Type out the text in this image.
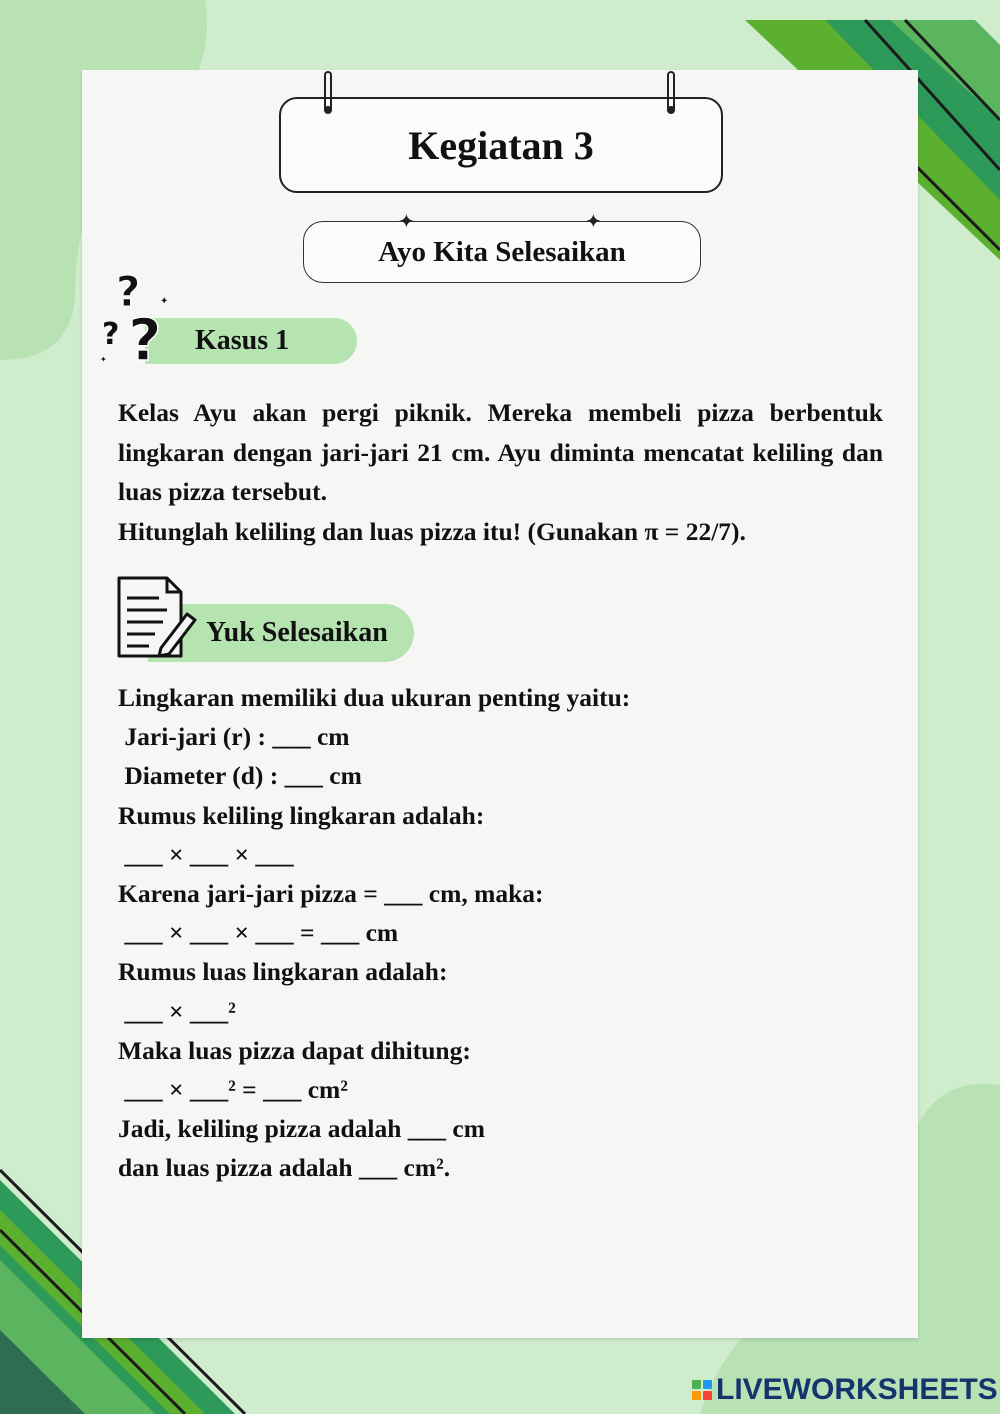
Kegiatan 3
Ayo Kita Selesaikan
✦	✦
Kasus 1
?
? ?
✦
✦

Kelas Ayu akan pergi piknik. Mereka membeli pizza berbentuk lingkaran dengan jari-jari 21 cm. Ayu diminta mencatat keliling dan luas pizza tersebut.

Hitunglah keliling dan luas pizza itu! (Gunakan π = 22/7).

Yuk Selesaikan
Lingkaran memiliki dua ukuran penting yaitu:
Jari-jari (r) : ___ cm
Diameter (d) : ___ cm
Rumus keliling lingkaran adalah:
___ × ___ × ___
Karena jari-jari pizza = ___ cm, maka:
___ × ___ × ___ = ___ cm
Rumus luas lingkaran adalah:
___ × ___²
Maka luas pizza dapat dihitung:
___ × ___² = ___ cm²
Jadi, keliling pizza adalah ___ cm
dan luas pizza adalah ___ cm².
LIVEWORKSHEETS
